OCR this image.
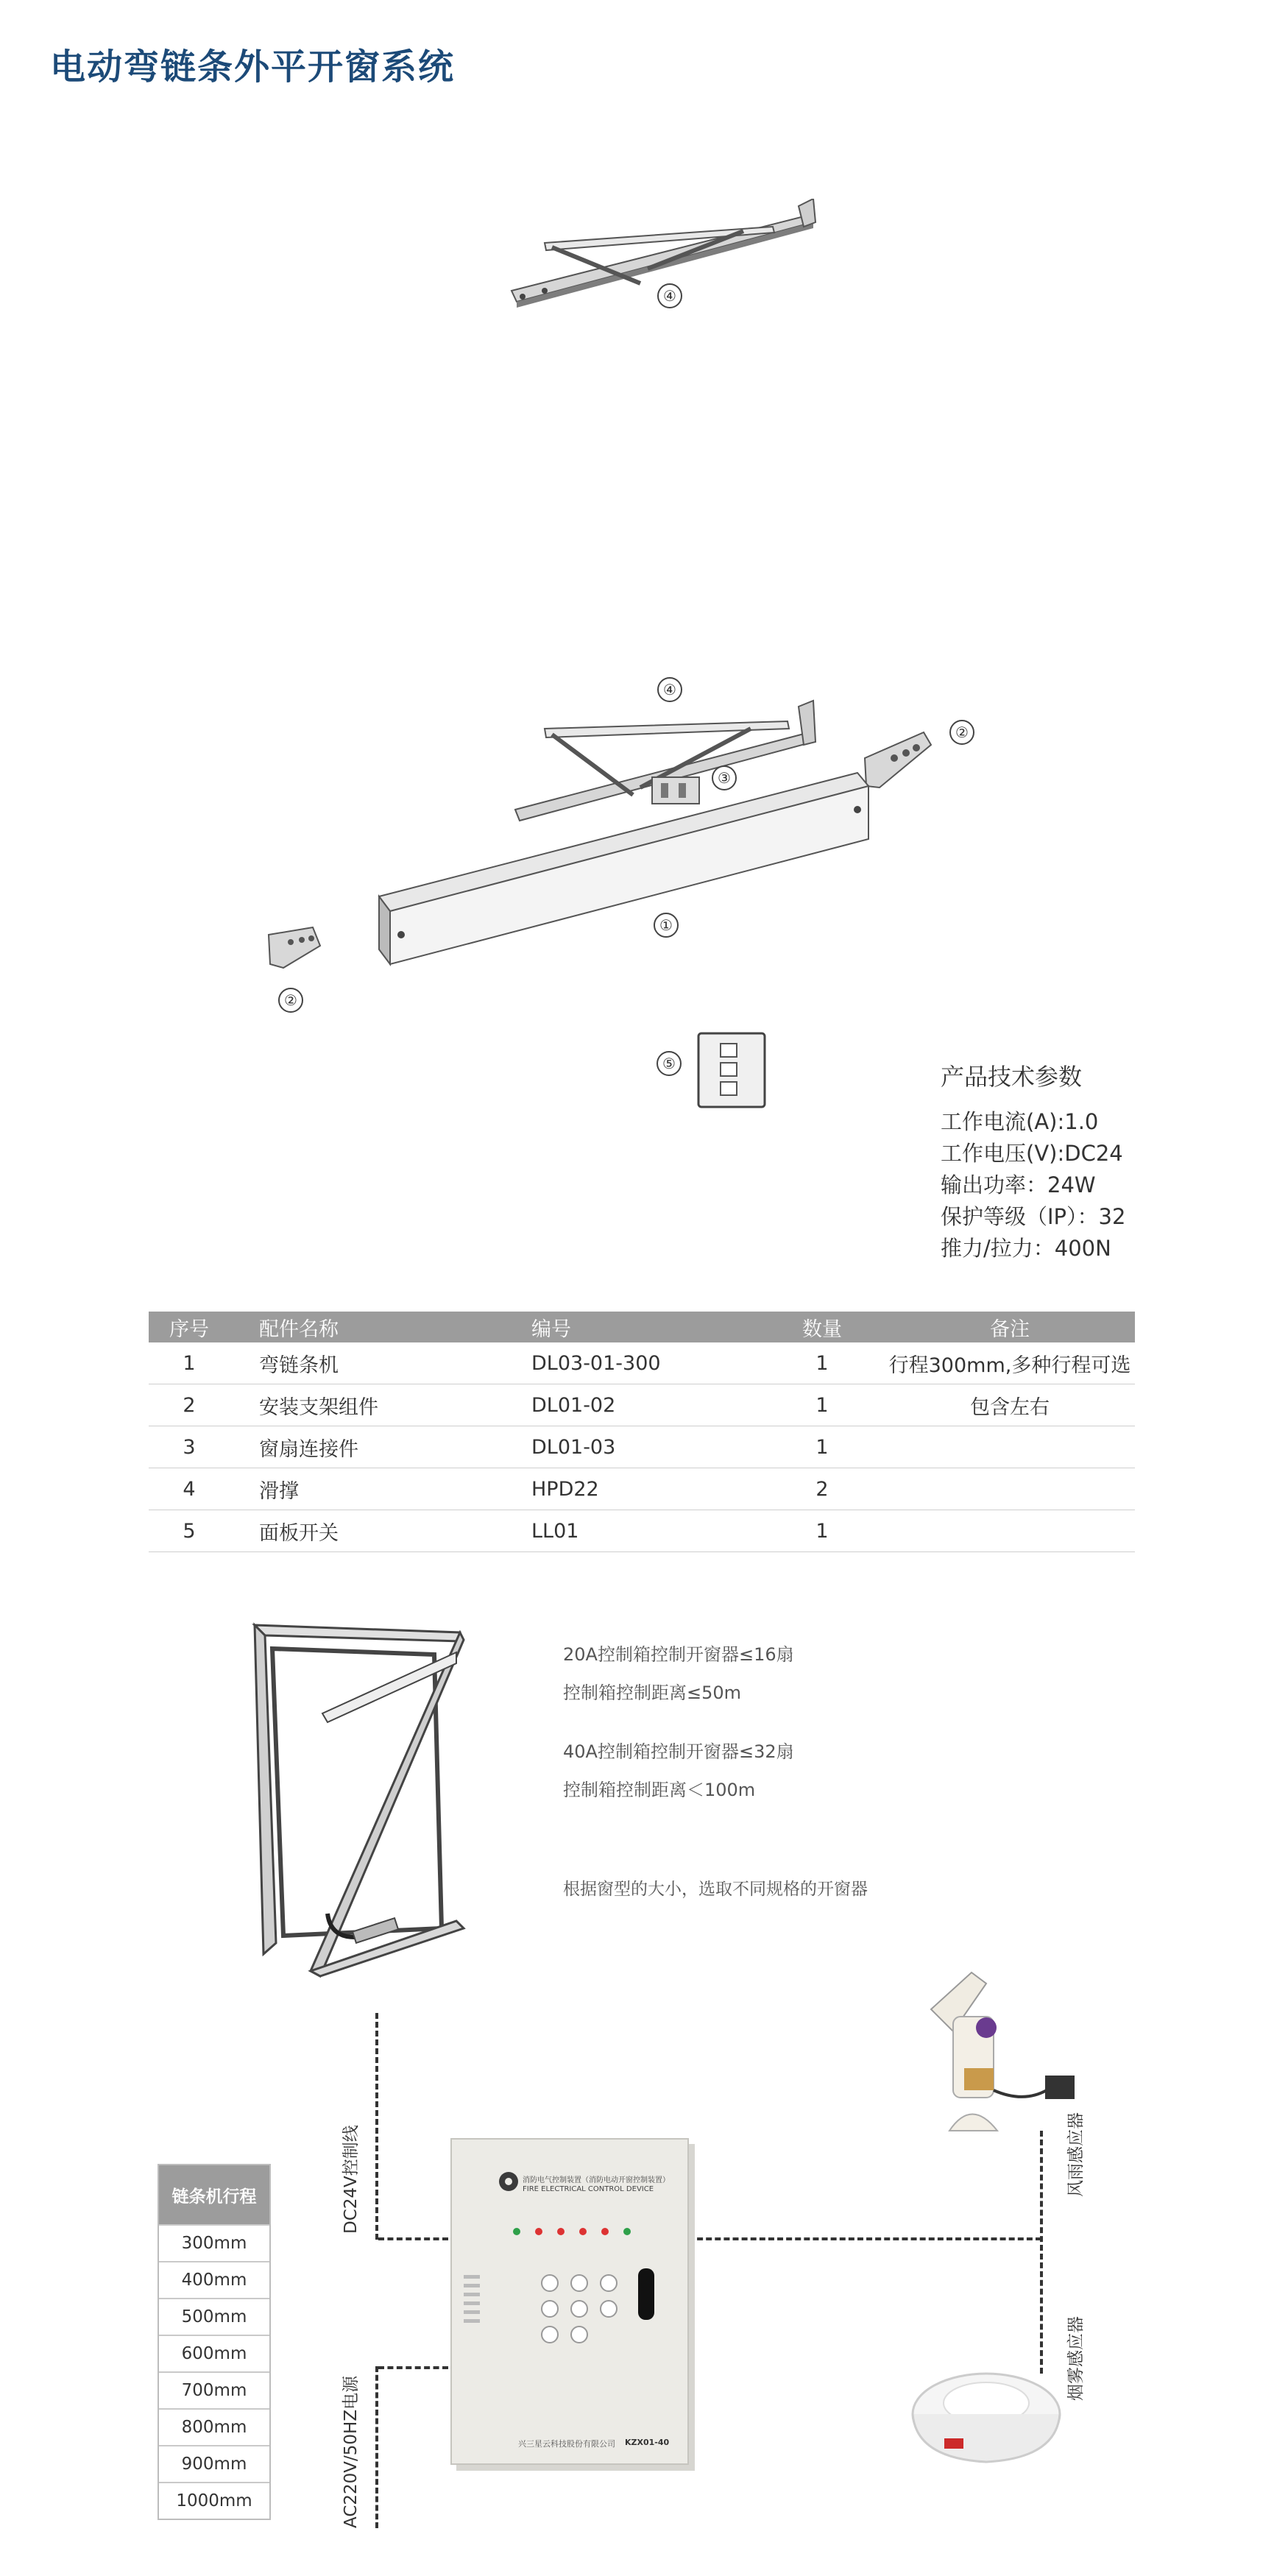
电动弯链条外平开窗系统
④
④
③
②
①
②
⑤	产品技术参数
工作电流(A):1.0
工作电压(V):DC24
输出功率：24W
保护等级（IP）：32
推力/拉力：400N
序号	配件名称	编号	数量	备注
1	弯链条机	DL03-01-300	1	行程300mm,多种行程可选
2	安装支架组件	DL01-02	1	包含左右
3	窗扇连接件	DL01-03	1	
4	滑撑	HPD22	2	
5	面板开关	LL01	1	
20A控制箱控制开窗器≤16扇
控制箱控制距离≤50m
40A控制箱控制开窗器≤32扇
控制箱控制距离＜100m
根据窗型的大小，选取不同规格的开窗器
风雨感应器
烟雾感应器
DC24V控制线
AC220V/50HZ电源
消防电气控制装置（消防电动开窗控制装置）
FIRE ELECTRICAL CONTROL DEVICE
兴三星云科技股份有限公司 KZX01-40
链条机行程
300mm
400mm
500mm
600mm
700mm
800mm
900mm
1000mm
